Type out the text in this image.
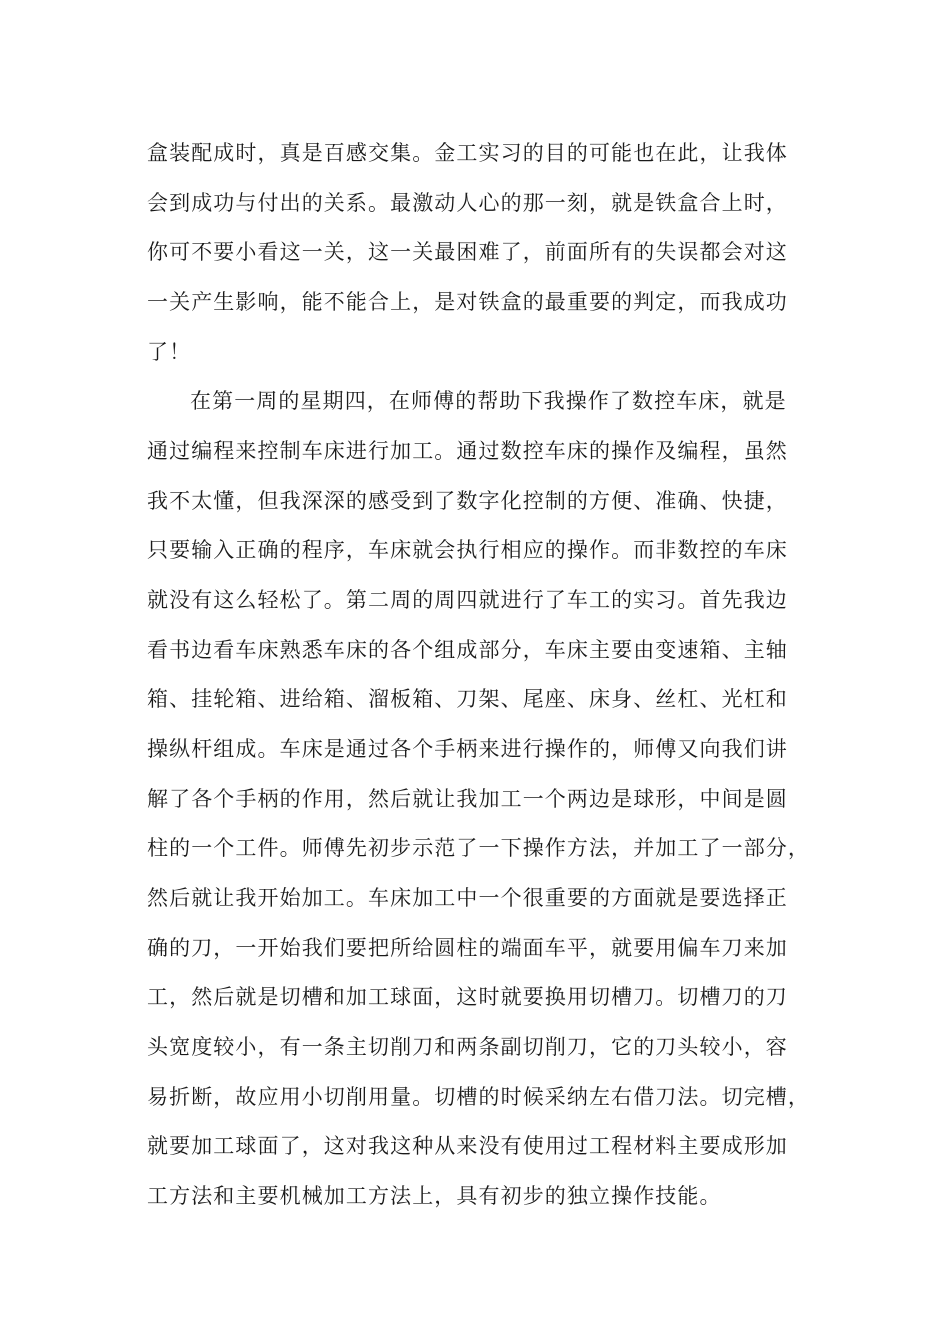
盒装配成时，真是百感交集。金工实习的目的可能也在此，让我体
会到成功与付出的关系。最激动人心的那一刻，就是铁盒合上时，
你可不要小看这一关，这一关最困难了，前面所有的失误都会对这
一关产生影响，能不能合上，是对铁盒的最重要的判定，而我成功
了！
在第一周的星期四，在师傅的帮助下我操作了数控车床，就是
通过编程来控制车床进行加工。通过数控车床的操作及编程，虽然
我不太懂，但我深深的感受到了数字化控制的方便、准确、快捷，
只要输入正确的程序，车床就会执行相应的操作。而非数控的车床
就没有这么轻松了。第二周的周四就进行了车工的实习。首先我边
看书边看车床熟悉车床的各个组成部分，车床主要由变速箱、主轴
箱、挂轮箱、进给箱、溜板箱、刀架、尾座、床身、丝杠、光杠和
操纵杆组成。车床是通过各个手柄来进行操作的，师傅又向我们讲
解了各个手柄的作用，然后就让我加工一个两边是球形，中间是圆
柱的一个工件。师傅先初步示范了一下操作方法，并加工了一部分，
然后就让我开始加工。车床加工中一个很重要的方面就是要选择正
确的刀，一开始我们要把所给圆柱的端面车平，就要用偏车刀来加
工，然后就是切槽和加工球面，这时就要换用切槽刀。切槽刀的刀
头宽度较小，有一条主切削刀和两条副切削刀，它的刀头较小，容
易折断，故应用小切削用量。切槽的时候采纳左右借刀法。切完槽，
就要加工球面了，这对我这种从来没有使用过工程材料主要成形加
工方法和主要机械加工方法上，具有初步的独立操作技能。
